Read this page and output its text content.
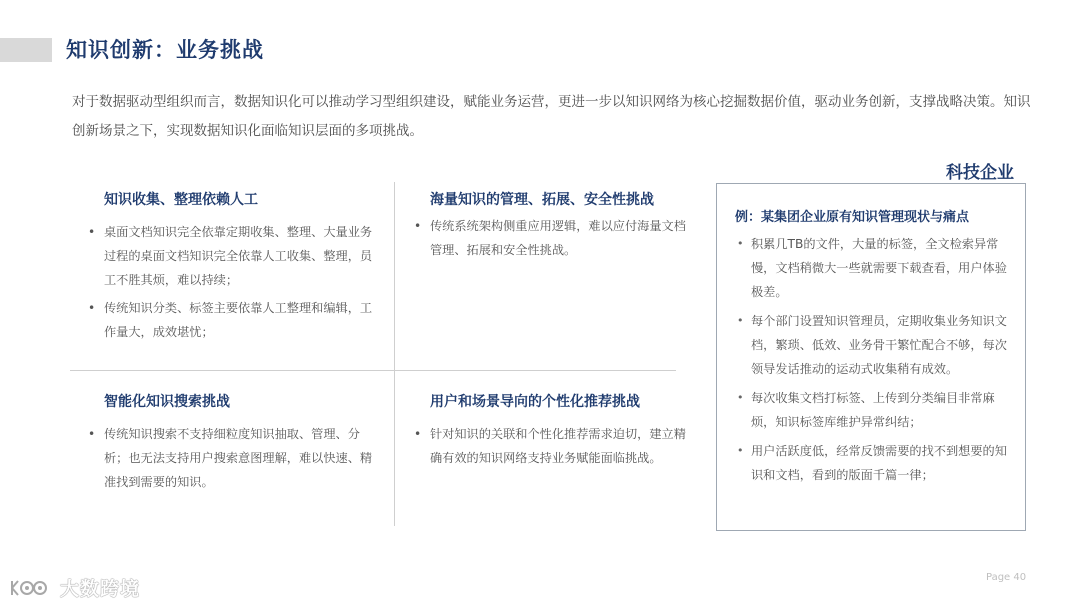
知识创新：业务挑战
对于数据驱动型组织而言，数据知识化可以推动学习型组织建设，赋能业务运营，更进一步以知识网络为核心挖掘数据价值，驱动业务创新，支撑战略决策。知识创新场景之下，实现数据知识化面临知识层面的多项挑战。
知识收集、整理依赖人工
• 桌面文档知识完全依靠定期收集、整理、大量业务过程的桌面文档知识完全依靠人工收集、整理，员工不胜其烦，难以持续；
• 传统知识分类、标签主要依靠人工整理和编辑，工作量大，成效堪忧；
海量知识的管理、拓展、安全性挑战
• 传统系统架构侧重应用逻辑，难以应付海量文档管理、拓展和安全性挑战。
智能化知识搜索挑战
• 传统知识搜索不支持细粒度知识抽取、管理、分析；也无法支持用户搜索意图理解，难以快速、精准找到需要的知识。
用户和场景导向的个性化推荐挑战
• 针对知识的关联和个性化推荐需求迫切，建立精确有效的知识网络支持业务赋能面临挑战。
科技企业
例：某集团企业原有知识管理现状与痛点
• 积累几TB的文件，大量的标签，全文检索异常慢，文档稍微大一些就需要下载查看，用户体验极差。
• 每个部门设置知识管理员，定期收集业务知识文档，繁琐、低效、业务骨干繁忙配合不够，每次领导发话推动的运动式收集稍有成效。
• 每次收集文档打标签、上传到分类编目非常麻烦，知识标签库维护异常纠结；
• 用户活跃度低，经常反馈需要的找不到想要的知识和文档，看到的版面千篇一律；
Page 40
大数跨境
